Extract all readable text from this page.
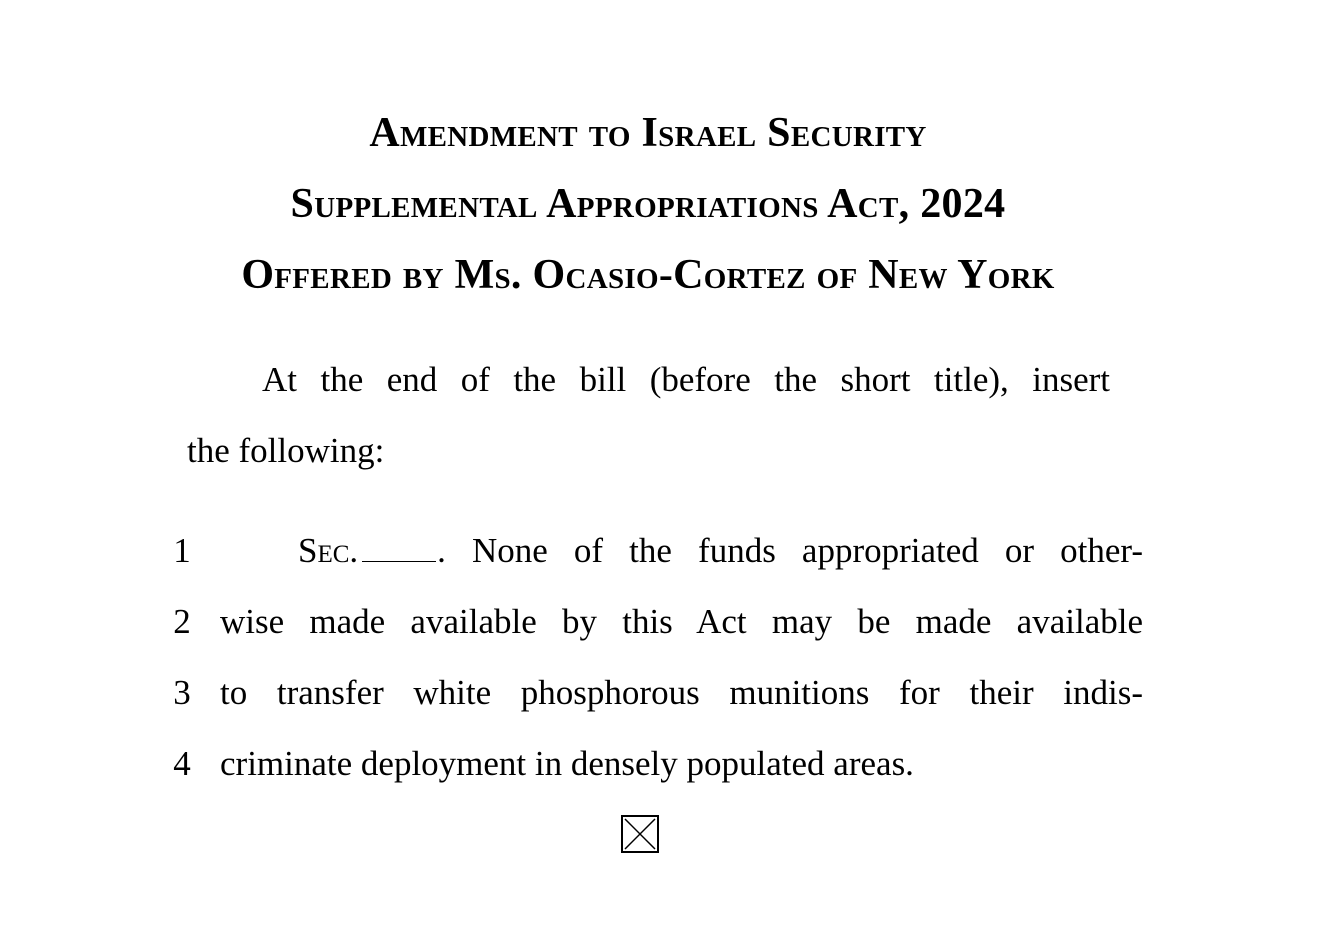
Amendment to Israel Security
Supplemental Appropriations Act, 2024
Offered by Ms. Ocasio-Cortez of New York
At the end of the bill (before the short title), insert
the following:
1
2
3
4
Sec. . None of the funds appropriated or other-
wise made available by this Act may be made available
to transfer white phosphorous munitions for their indis-
criminate deployment in densely populated areas.
